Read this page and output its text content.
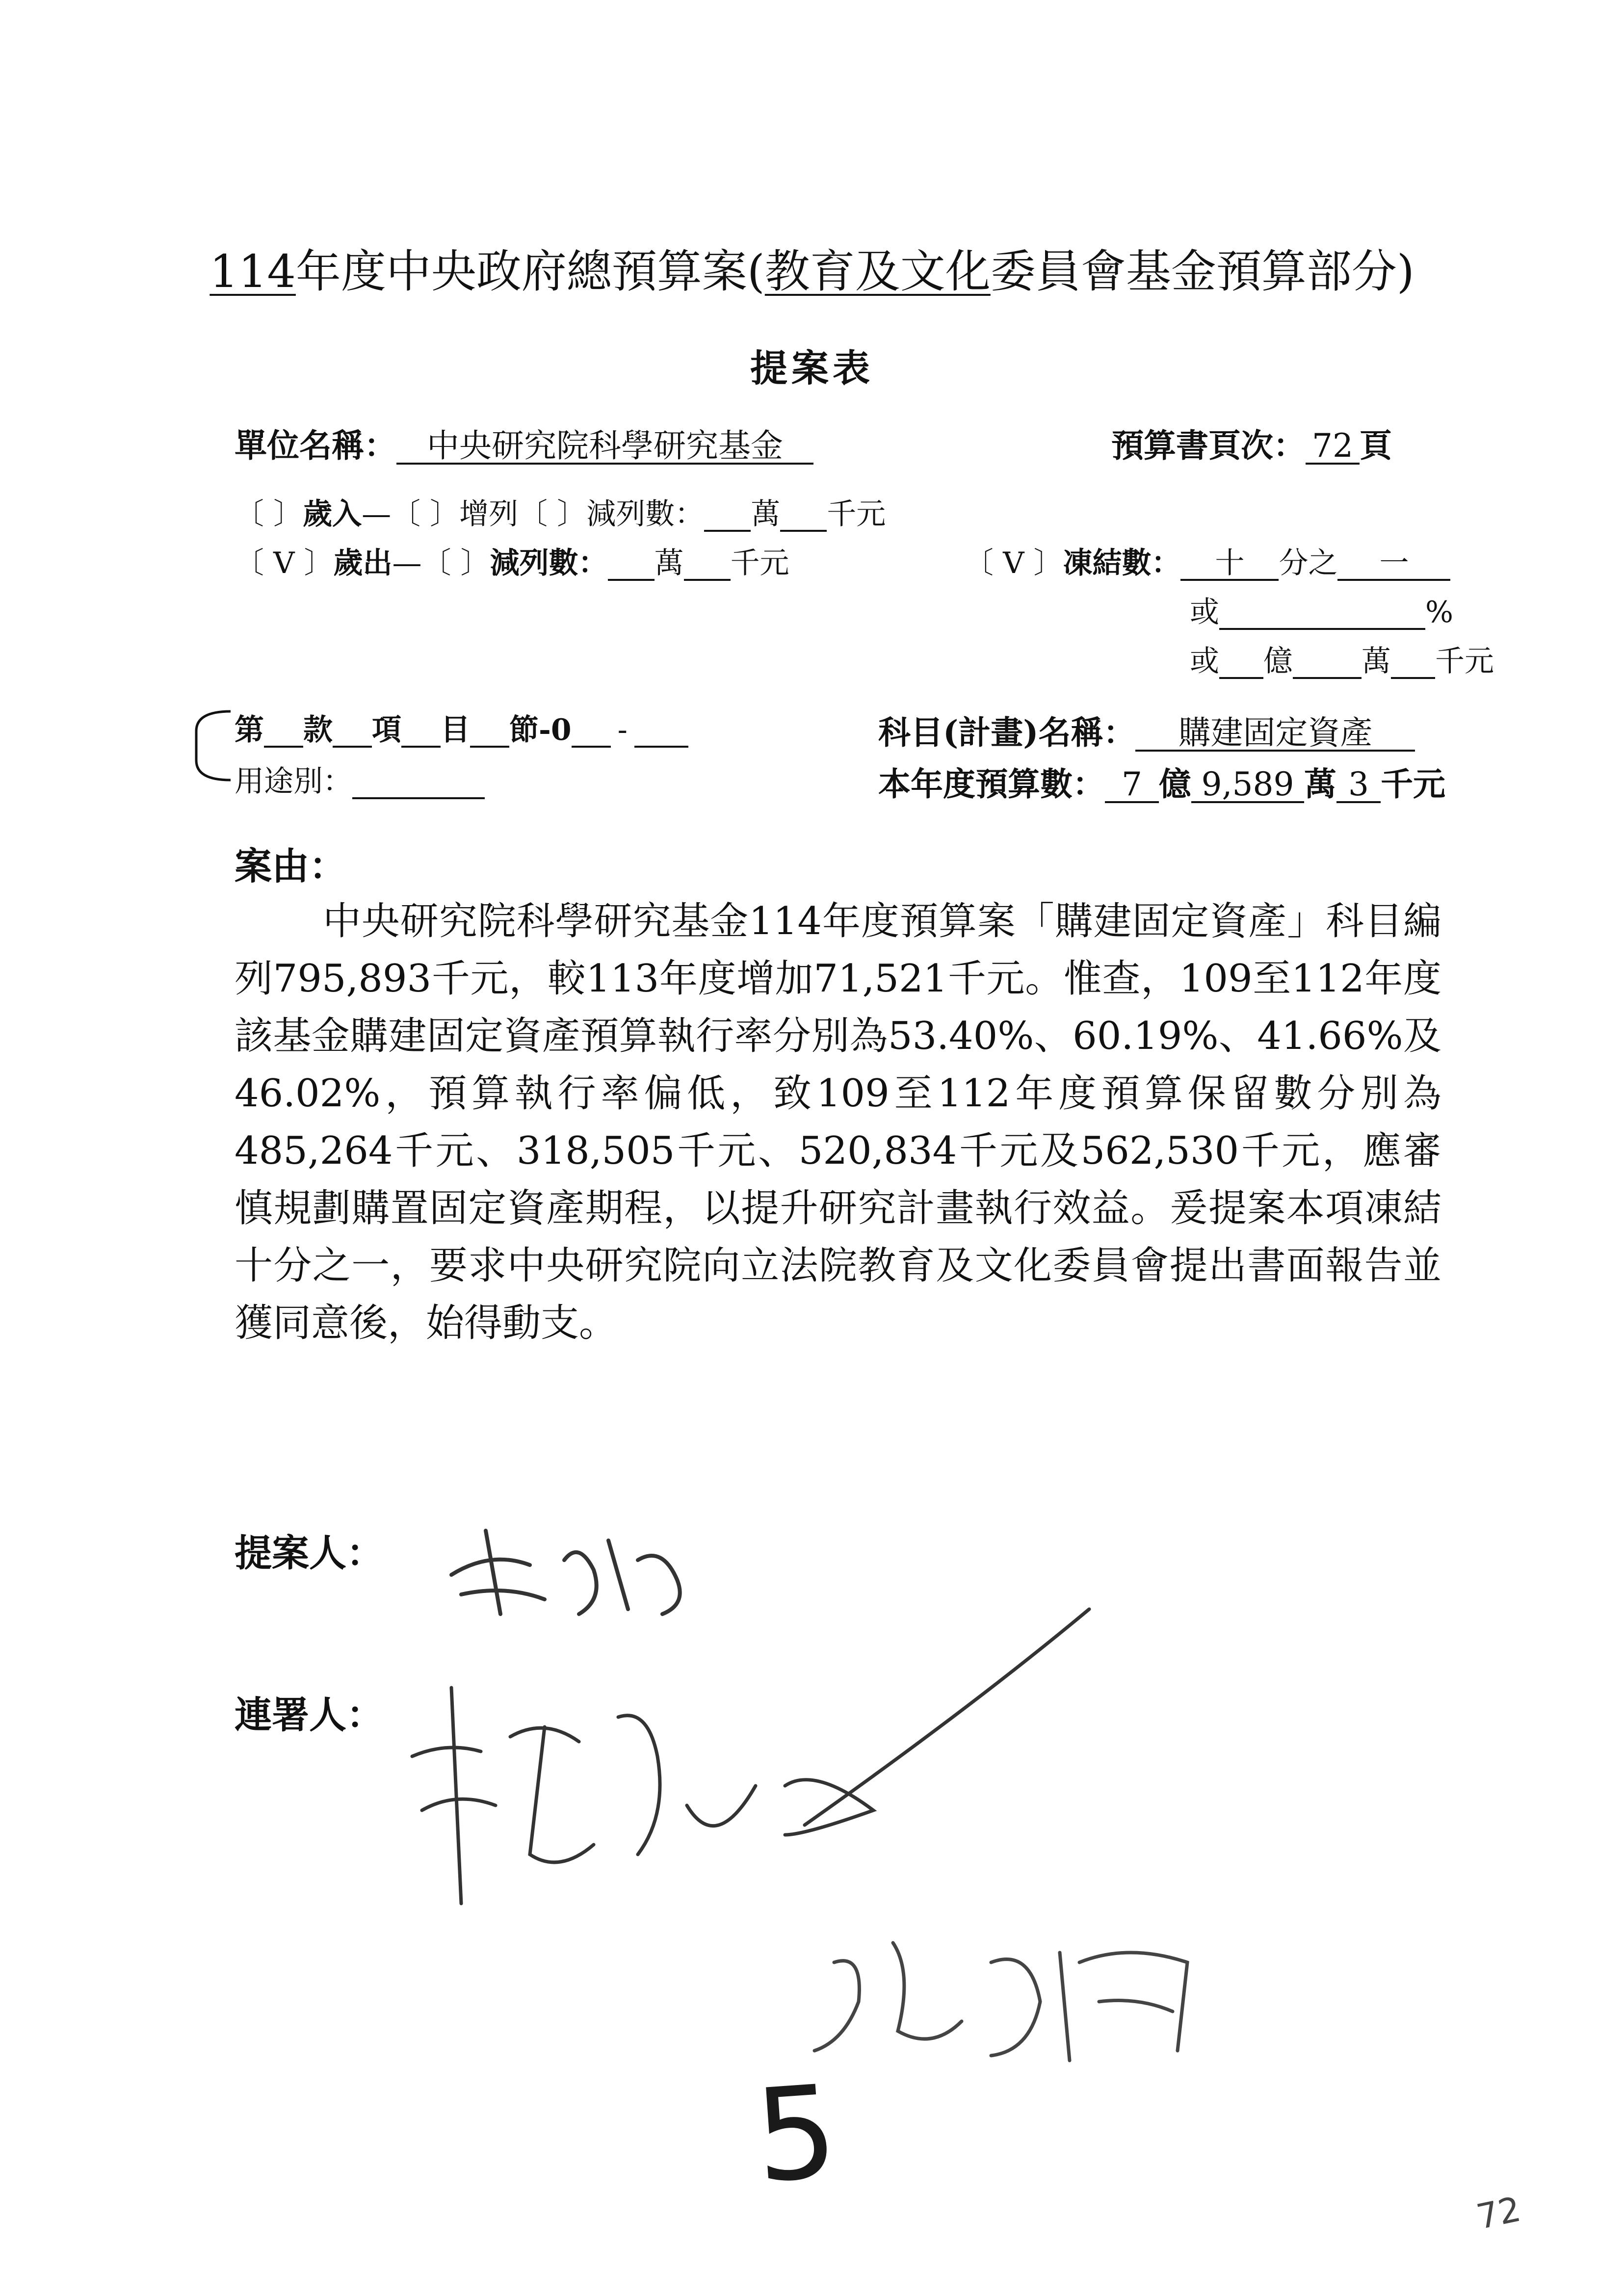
114年度中央政府總預算案(教育及文化委員會基金預算部分)
提案表
單位名稱： 中央研究院科學研究基金	預算書頁次： 72 頁
〔 〕歲入—〔 〕增列〔 〕減列數： 萬 千元
〔 V 〕歲出—〔 〕減列數： 萬 千元	〔 V 〕凍結數： 十 分之 一
或	%
或 億 萬 千元
第 款 項 目 節-0 -
用途別：
科目(計畫)名稱： 購建固定資產
本年度預算數： 7 億 9,589 萬 3 千元
案由：
中央研究院科學研究基金114年度預算案「購建固定資產」科目編列795,893千元，較113年度增加71,521千元。惟查，109至112年度該基金購建固定資產預算執行率分別為53.40%、60.19%、41.66%及46.02%，預算執行率偏低，致109至112年度預算保留數分別為485,264千元、318,505千元、520,834千元及562,530千元，應審慎規劃購置固定資產期程，以提升研究計畫執行效益。爰提案本項凍結十分之一，要求中央研究院向立法院教育及文化委員會提出書面報告並獲同意後，始得動支。
提案人：
連署人：
5
72
